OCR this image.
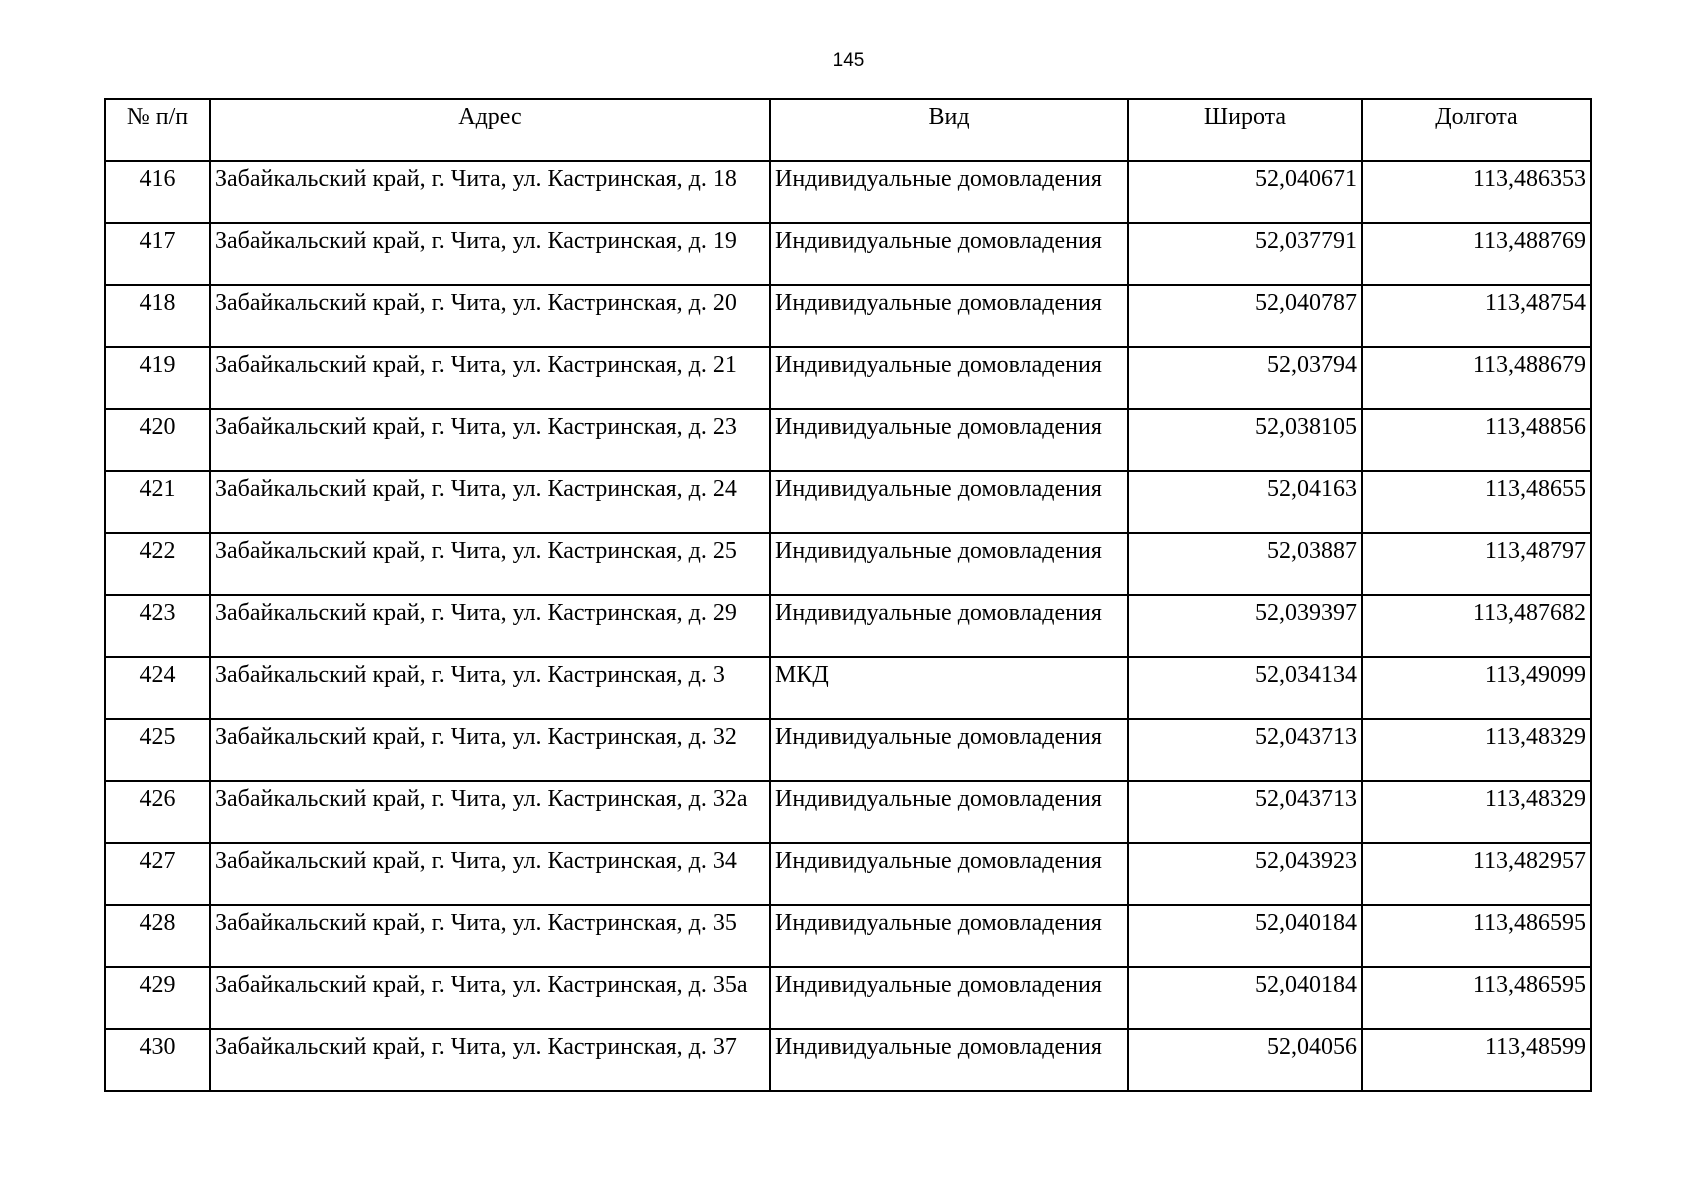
145
№ п/п	Адрес	Вид	Широта	Долгота
416	Забайкальский край, г. Чита, ул. Кастринская, д. 18	Индивидуальные домовладения	52,040671	113,486353
417	Забайкальский край, г. Чита, ул. Кастринская, д. 19	Индивидуальные домовладения	52,037791	113,488769
418	Забайкальский край, г. Чита, ул. Кастринская, д. 20	Индивидуальные домовладения	52,040787	113,48754
419	Забайкальский край, г. Чита, ул. Кастринская, д. 21	Индивидуальные домовладения	52,03794	113,488679
420	Забайкальский край, г. Чита, ул. Кастринская, д. 23	Индивидуальные домовладения	52,038105	113,48856
421	Забайкальский край, г. Чита, ул. Кастринская, д. 24	Индивидуальные домовладения	52,04163	113,48655
422	Забайкальский край, г. Чита, ул. Кастринская, д. 25	Индивидуальные домовладения	52,03887	113,48797
423	Забайкальский край, г. Чита, ул. Кастринская, д. 29	Индивидуальные домовладения	52,039397	113,487682
424	Забайкальский край, г. Чита, ул. Кастринская, д. 3	МКД	52,034134	113,49099
425	Забайкальский край, г. Чита, ул. Кастринская, д. 32	Индивидуальные домовладения	52,043713	113,48329
426	Забайкальский край, г. Чита, ул. Кастринская, д. 32а	Индивидуальные домовладения	52,043713	113,48329
427	Забайкальский край, г. Чита, ул. Кастринская, д. 34	Индивидуальные домовладения	52,043923	113,482957
428	Забайкальский край, г. Чита, ул. Кастринская, д. 35	Индивидуальные домовладения	52,040184	113,486595
429	Забайкальский край, г. Чита, ул. Кастринская, д. 35а	Индивидуальные домовладения	52,040184	113,486595
430	Забайкальский край, г. Чита, ул. Кастринская, д. 37	Индивидуальные домовладения	52,04056	113,48599
